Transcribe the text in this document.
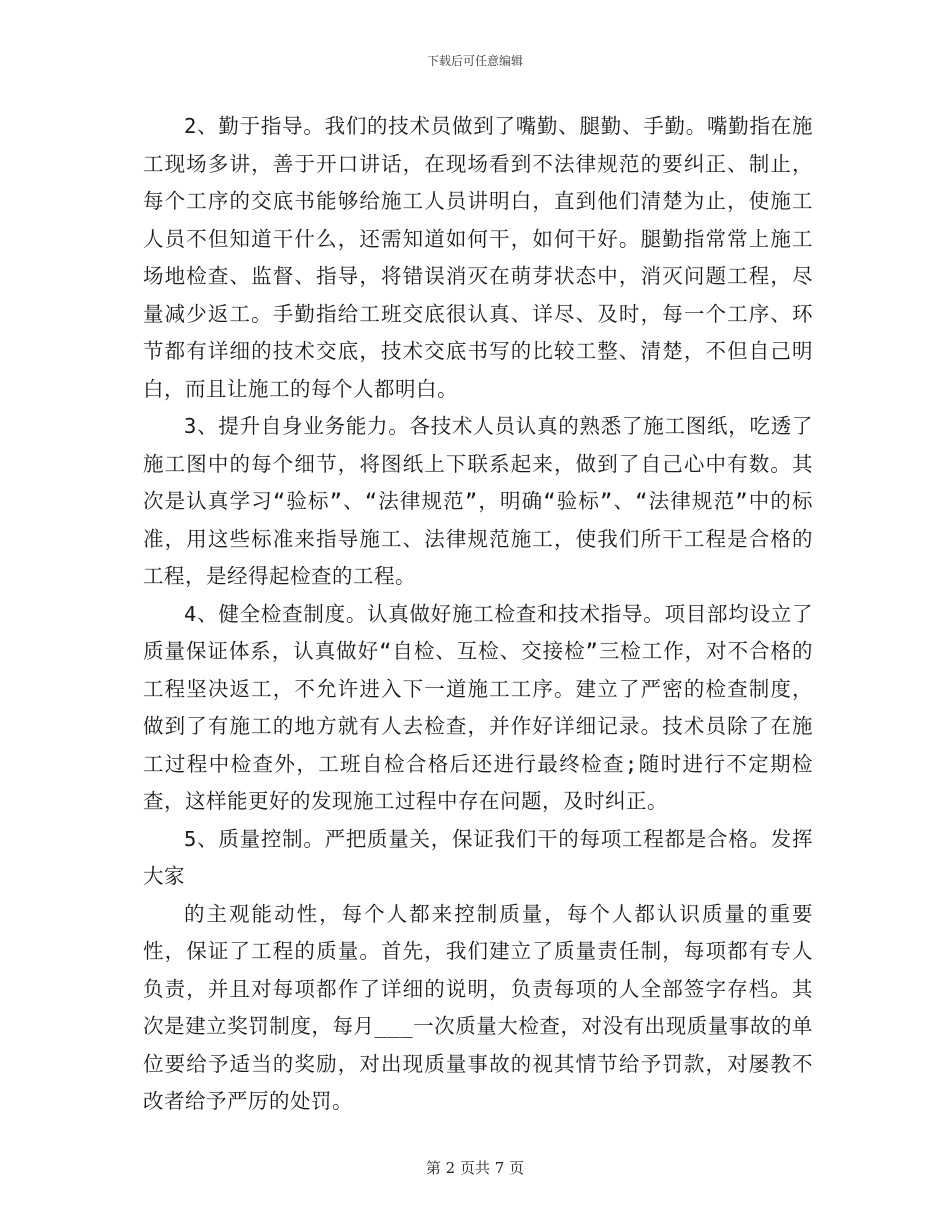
下载后可任意编辑

2、勤于指导。我们的技术员做到了嘴勤、腿勤、手勤。嘴勤指在施工现场多讲，善于开口讲话，在现场看到不法律规范的要纠正、制止，每个工序的交底书能够给施工人员讲明白，直到他们清楚为止，使施工人员不但知道干什么，还需知道如何干，如何干好。腿勤指常常上施工场地检查、监督、指导，将错误消灭在萌芽状态中，消灭问题工程，尽量减少返工。手勤指给工班交底很认真、详尽、及时，每一个工序、环节都有详细的技术交底，技术交底书写的比较工整、清楚，不但自己明白，而且让施工的每个人都明白。

3、提升自身业务能力。各技术人员认真的熟悉了施工图纸，吃透了施工图中的每个细节，将图纸上下联系起来，做到了自己心中有数。其次是认真学习“验标”、“法律规范”，明确“验标”、“法律规范”中的标准，用这些标准来指导施工、法律规范施工，使我们所干工程是合格的工程，是经得起检查的工程。

4、健全检查制度。认真做好施工检查和技术指导。项目部均设立了质量保证体系，认真做好“自检、互检、交接检”三检工作，对不合格的工程坚决返工，不允许进入下一道施工工序。建立了严密的检查制度，做到了有施工的地方就有人去检查，并作好详细记录。技术员除了在施工过程中检查外，工班自检合格后还进行最终检查;随时进行不定期检查，这样能更好的发现施工过程中存在问题，及时纠正。

5、质量控制。严把质量关，保证我们干的每项工程都是合格。发挥大家

的主观能动性，每个人都来控制质量，每个人都认识质量的重要性，保证了工程的质量。首先，我们建立了质量责任制，每项都有专人负责，并且对每项都作了详细的说明，负责每项的人全部签字存档。其次是建立奖罚制度，每月___一次质量大检查，对没有出现质量事故的单位要给予适当的奖励，对出现质量事故的视其情节给予罚款，对屡教不改者给予严厉的处罚。

第 2 页共 7 页
